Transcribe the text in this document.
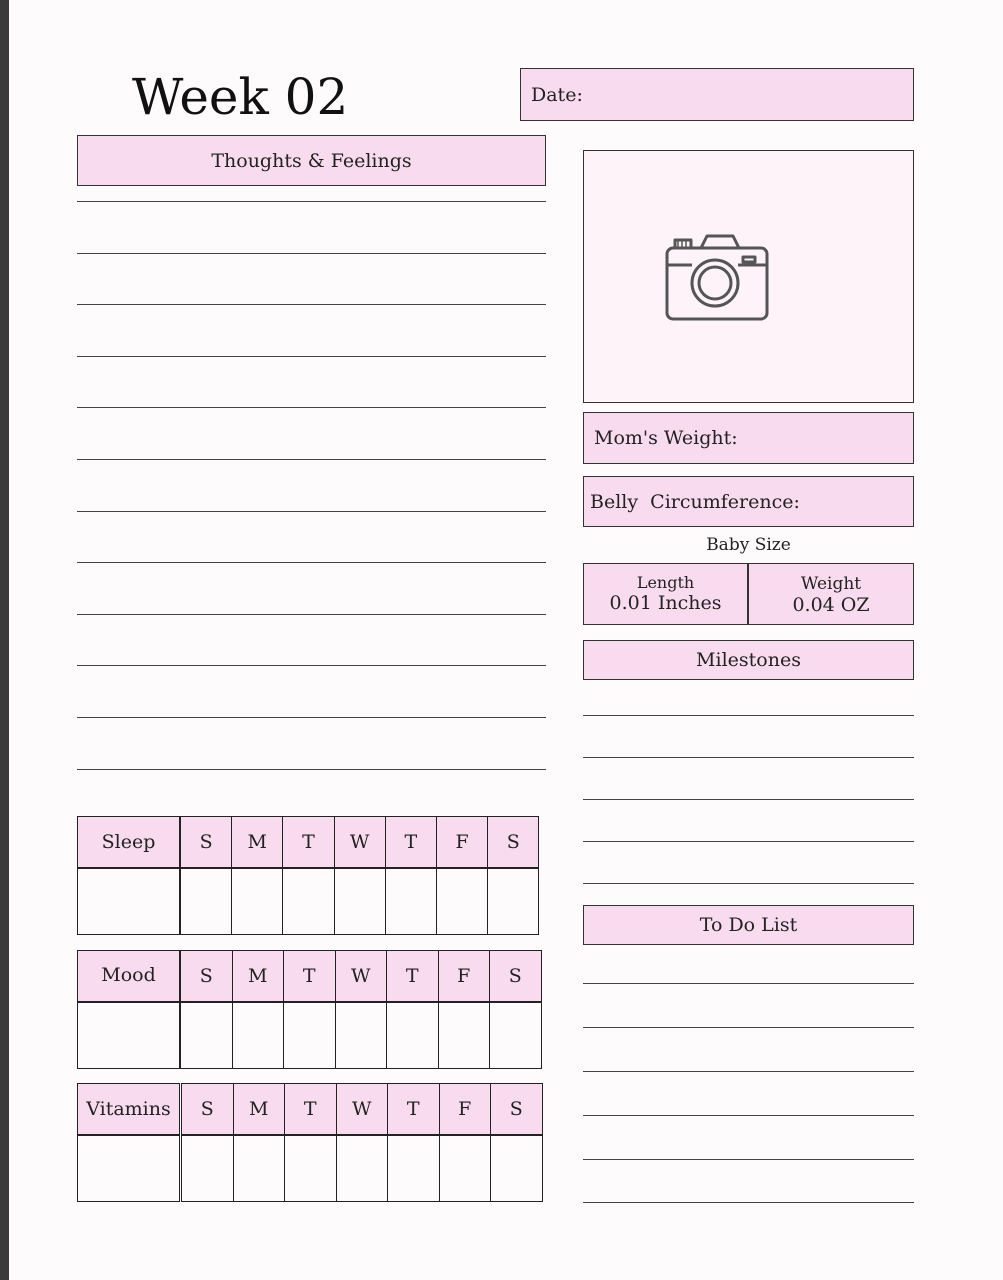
Week 02	Date:
Thoughts & Feelings
Mom's Weight:
Belly  Circumference:
Baby Size
Length
0.01 Inches
Weight
0.04 OZ
Milestones
To Do List
Sleep S M T W T F S
Mood S M T W T F S
Vitamins S M T W T F S
